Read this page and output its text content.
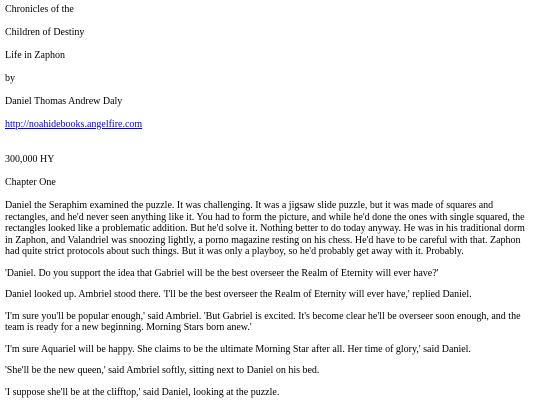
Chronicles of the

Children of Destiny

Life in Zaphon

by

Daniel Thomas Andrew Daly

http://noahidebooks.angelfire.com

300,000 HY

Chapter One

Daniel the Seraphim examined the puzzle. It was challenging. It was a jigsaw slide puzzle, but it was made of squares and rectangles, and he'd never seen anything like it. You had to form the picture, and while he'd done the ones with single squared, the rectangles looked like a problematic addition. But he'd solve it. Nothing better to do today anyway. He was in his traditional dorm in Zaphon, and Valandriel was snoozing lightly, a porno magazine resting on his chess. He'd have to be careful with that. Zaphon had quite strict protocols about such things. But it was only a playboy, so he'd probably get away with it. Probably.

'Daniel. Do you support the idea that Gabriel will be the best overseer the Realm of Eternity will ever have?'

Daniel looked up. Ambriel stood there. 'I'll be the best overseer the Realm of Eternity will ever have,' replied Daniel.

'I'm sure you'll be popular enough,' said Ambriel. 'But Gabriel is excited. It's become clear he'll be overseer soon enough, and the team is ready for a new beginning. Morning Stars born anew.'

'I'm sure Aquariel will be happy. She claims to be the ultimate Morning Star after all. Her time of glory,' said Daniel.

'She'll be the new queen,' said Ambriel softly, sitting next to Daniel on his bed.

'I suppose she'll be at the clifftop,' said Daniel, looking at the puzzle.
